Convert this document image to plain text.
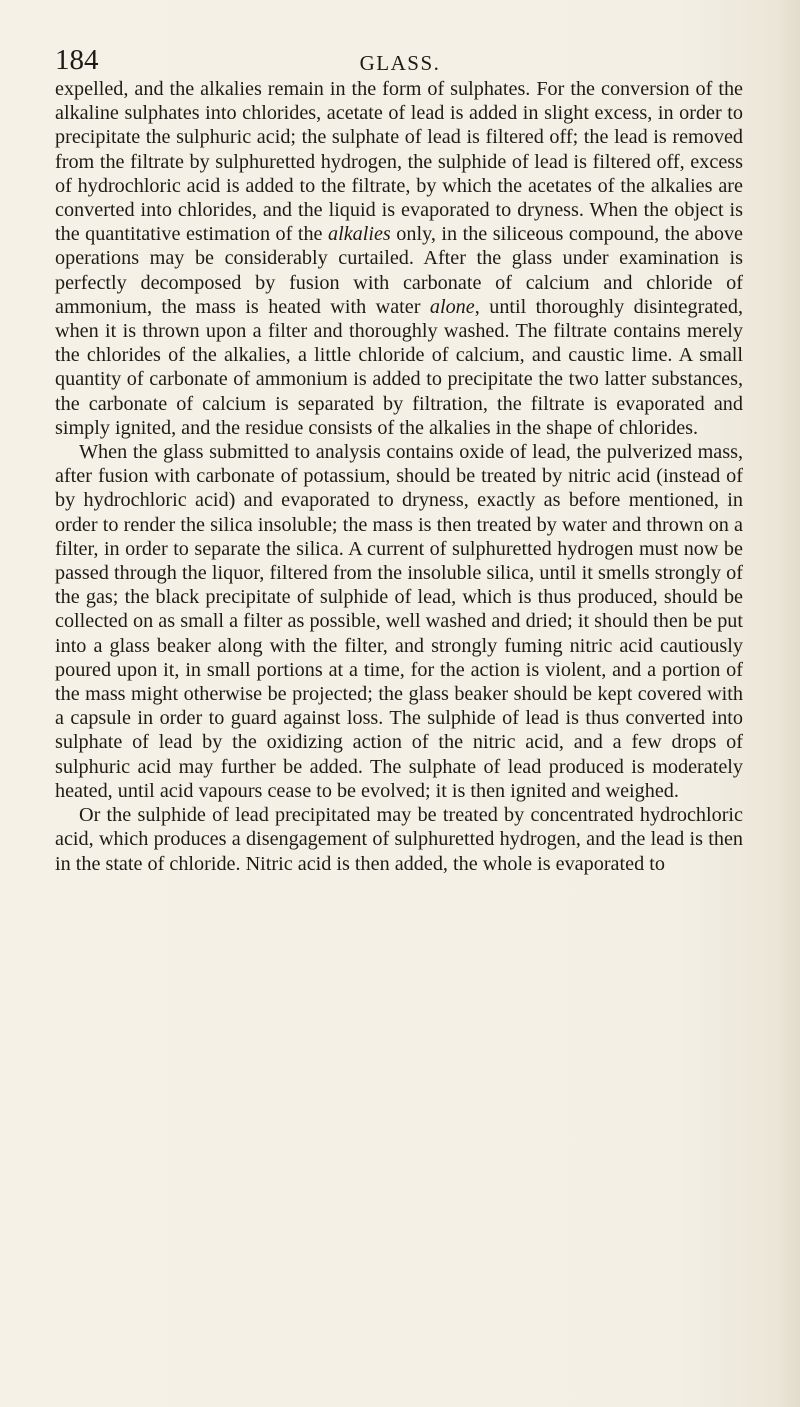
184	GLASS.

expelled, and the alkalies remain in the form of sulphates. For the conversion of the alkaline sulphates into chlorides, acetate of lead is added in slight excess, in order to precipitate the sulphuric acid; the sulphate of lead is filtered off; the lead is removed from the filtrate by sulphuretted hydrogen, the sulphide of lead is filtered off, excess of hydrochloric acid is added to the filtrate, by which the acetates of the alkalies are converted into chlorides, and the liquid is evaporated to dryness. When the object is the quantitative estimation of the alkalies only, in the siliceous compound, the above operations may be considerably curtailed. After the glass under examination is perfectly decomposed by fusion with carbonate of calcium and chloride of ammonium, the mass is heated with water alone, until thoroughly disintegrated, when it is thrown upon a filter and thoroughly washed. The filtrate contains merely the chlorides of the alkalies, a little chloride of calcium, and caustic lime. A small quantity of carbonate of ammonium is added to precipitate the two latter substances, the carbonate of calcium is separated by filtration, the filtrate is evaporated and simply ignited, and the residue consists of the alkalies in the shape of chlorides.

When the glass submitted to analysis contains oxide of lead, the pulverized mass, after fusion with carbonate of potassium, should be treated by nitric acid (instead of by hydrochloric acid) and evaporated to dryness, exactly as before mentioned, in order to render the silica insoluble; the mass is then treated by water and thrown on a filter, in order to separate the silica. A current of sulphuretted hydrogen must now be passed through the liquor, filtered from the insoluble silica, until it smells strongly of the gas; the black precipitate of sulphide of lead, which is thus produced, should be collected on as small a filter as possible, well washed and dried; it should then be put into a glass beaker along with the filter, and strongly fuming nitric acid cautiously poured upon it, in small portions at a time, for the action is violent, and a portion of the mass might otherwise be projected; the glass beaker should be kept covered with a capsule in order to guard against loss. The sulphide of lead is thus converted into sulphate of lead by the oxidizing action of the nitric acid, and a few drops of sulphuric acid may further be added. The sulphate of lead produced is moderately heated, until acid vapours cease to be evolved; it is then ignited and weighed.

Or the sulphide of lead precipitated may be treated by concentrated hydrochloric acid, which produces a disengagement of sulphuretted hydrogen, and the lead is then in the state of chloride. Nitric acid is then added, the whole is evaporated to
